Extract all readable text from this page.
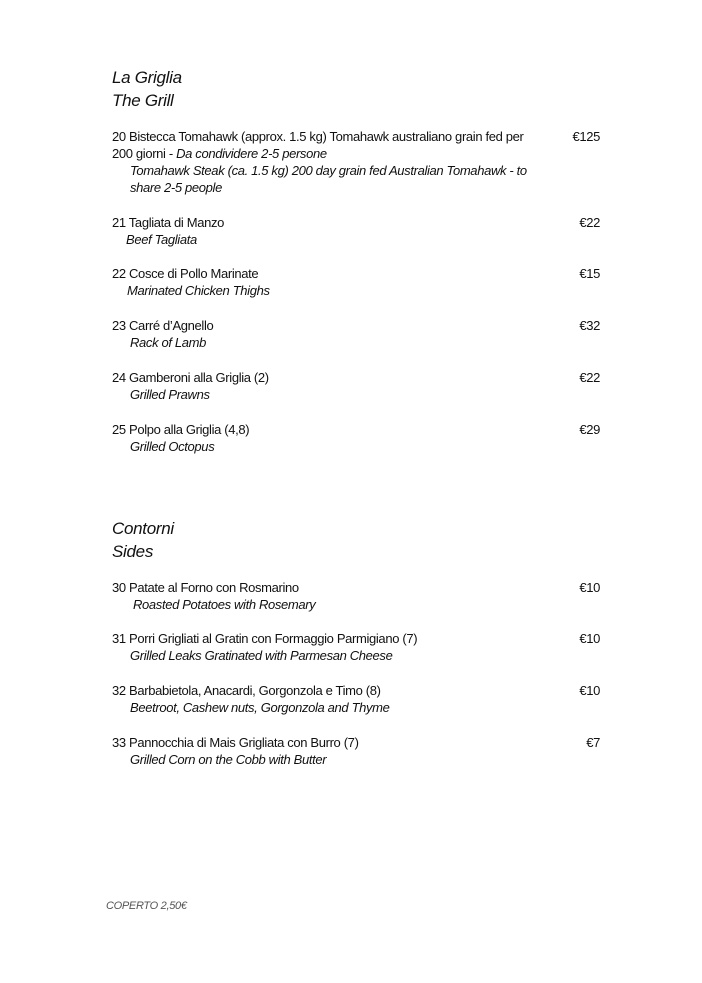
La Griglia

The Grill

20 Bistecca Tomahawk (approx. 1.5 kg) Tomahawk australiano grain fed per 200 giorni - Da condividere 2-5 persone
Tomahawk Steak (ca. 1.5 kg) 200 day grain fed Australian Tomahawk - to share 2-5 people
€125
21 Tagliata di Manzo
Beef Tagliata
€22
22 Cosce di Pollo Marinate
Marinated Chicken Thighs
€15
23 Carré d’Agnello
Rack of Lamb
€32
24 Gamberoni alla Griglia (2)
Grilled Prawns
€22
25 Polpo alla Griglia (4,8)
Grilled Octopus
€29

Contorni

Sides

30 Patate al Forno con Rosmarino
Roasted Potatoes with Rosemary
€10
31 Porri Grigliati al Gratin con Formaggio Parmigiano (7)
Grilled Leaks Gratinated with Parmesan Cheese
€10
32 Barbabietola, Anacardi, Gorgonzola e Timo (8)
Beetroot, Cashew nuts, Gorgonzola and Thyme
€10
33 Pannocchia di Mais Grigliata con Burro (7)
Grilled Corn on the Cobb with Butter
€7
COPERTO 2,50€
